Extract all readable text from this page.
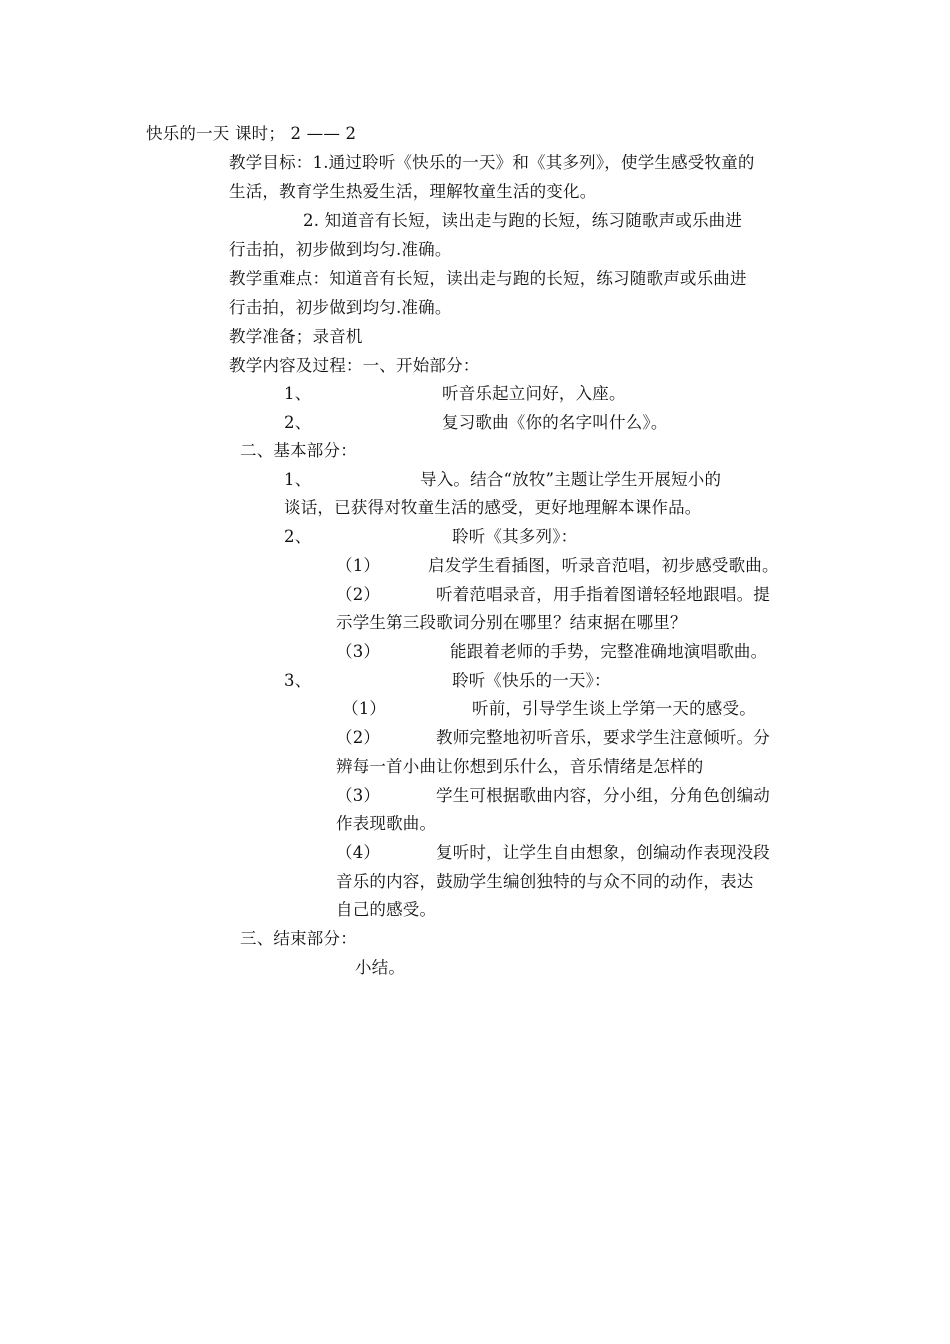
快乐的一天 课时； 2 —— 2
教学目标：1.通过聆听《快乐的一天》和《其多列》，使学生感受牧童的
生活，教育学生热爱生活，理解牧童生活的变化。
2. 知道音有长短，读出走与跑的长短，练习随歌声或乐曲进
行击拍，初步做到均匀.准确。
教学重难点：知道音有长短，读出走与跑的长短，练习随歌声或乐曲进
行击拍，初步做到均匀.准确。
教学准备；录音机
教学内容及过程：一、开始部分：
1、	听音乐起立问好，入座。
2、	复习歌曲《你的名字叫什么》。
二、基本部分：
1、	导入。结合“放牧”主题让学生开展短小的
谈话，已获得对牧童生活的感受，更好地理解本课作品。
2、	聆听《其多列》：
（1）	启发学生看插图，听录音范唱，初步感受歌曲。
（2）	听着范唱录音，用手指着图谱轻轻地跟唱。提
示学生第三段歌词分别在哪里？结束据在哪里？
（3）	能跟着老师的手势，完整准确地演唱歌曲。
3、	聆听《快乐的一天》：
（1）	听前，引导学生谈上学第一天的感受。
（2）	教师完整地初听音乐，要求学生注意倾听。分
辨每一首小曲让你想到乐什么，音乐情绪是怎样的
（3）	学生可根据歌曲内容，分小组，分角色创编动
作表现歌曲。
（4）	复听时，让学生自由想象，创编动作表现没段
音乐的内容，鼓励学生编创独特的与众不同的动作，表达
自己的感受。
三、结束部分：
小结。
